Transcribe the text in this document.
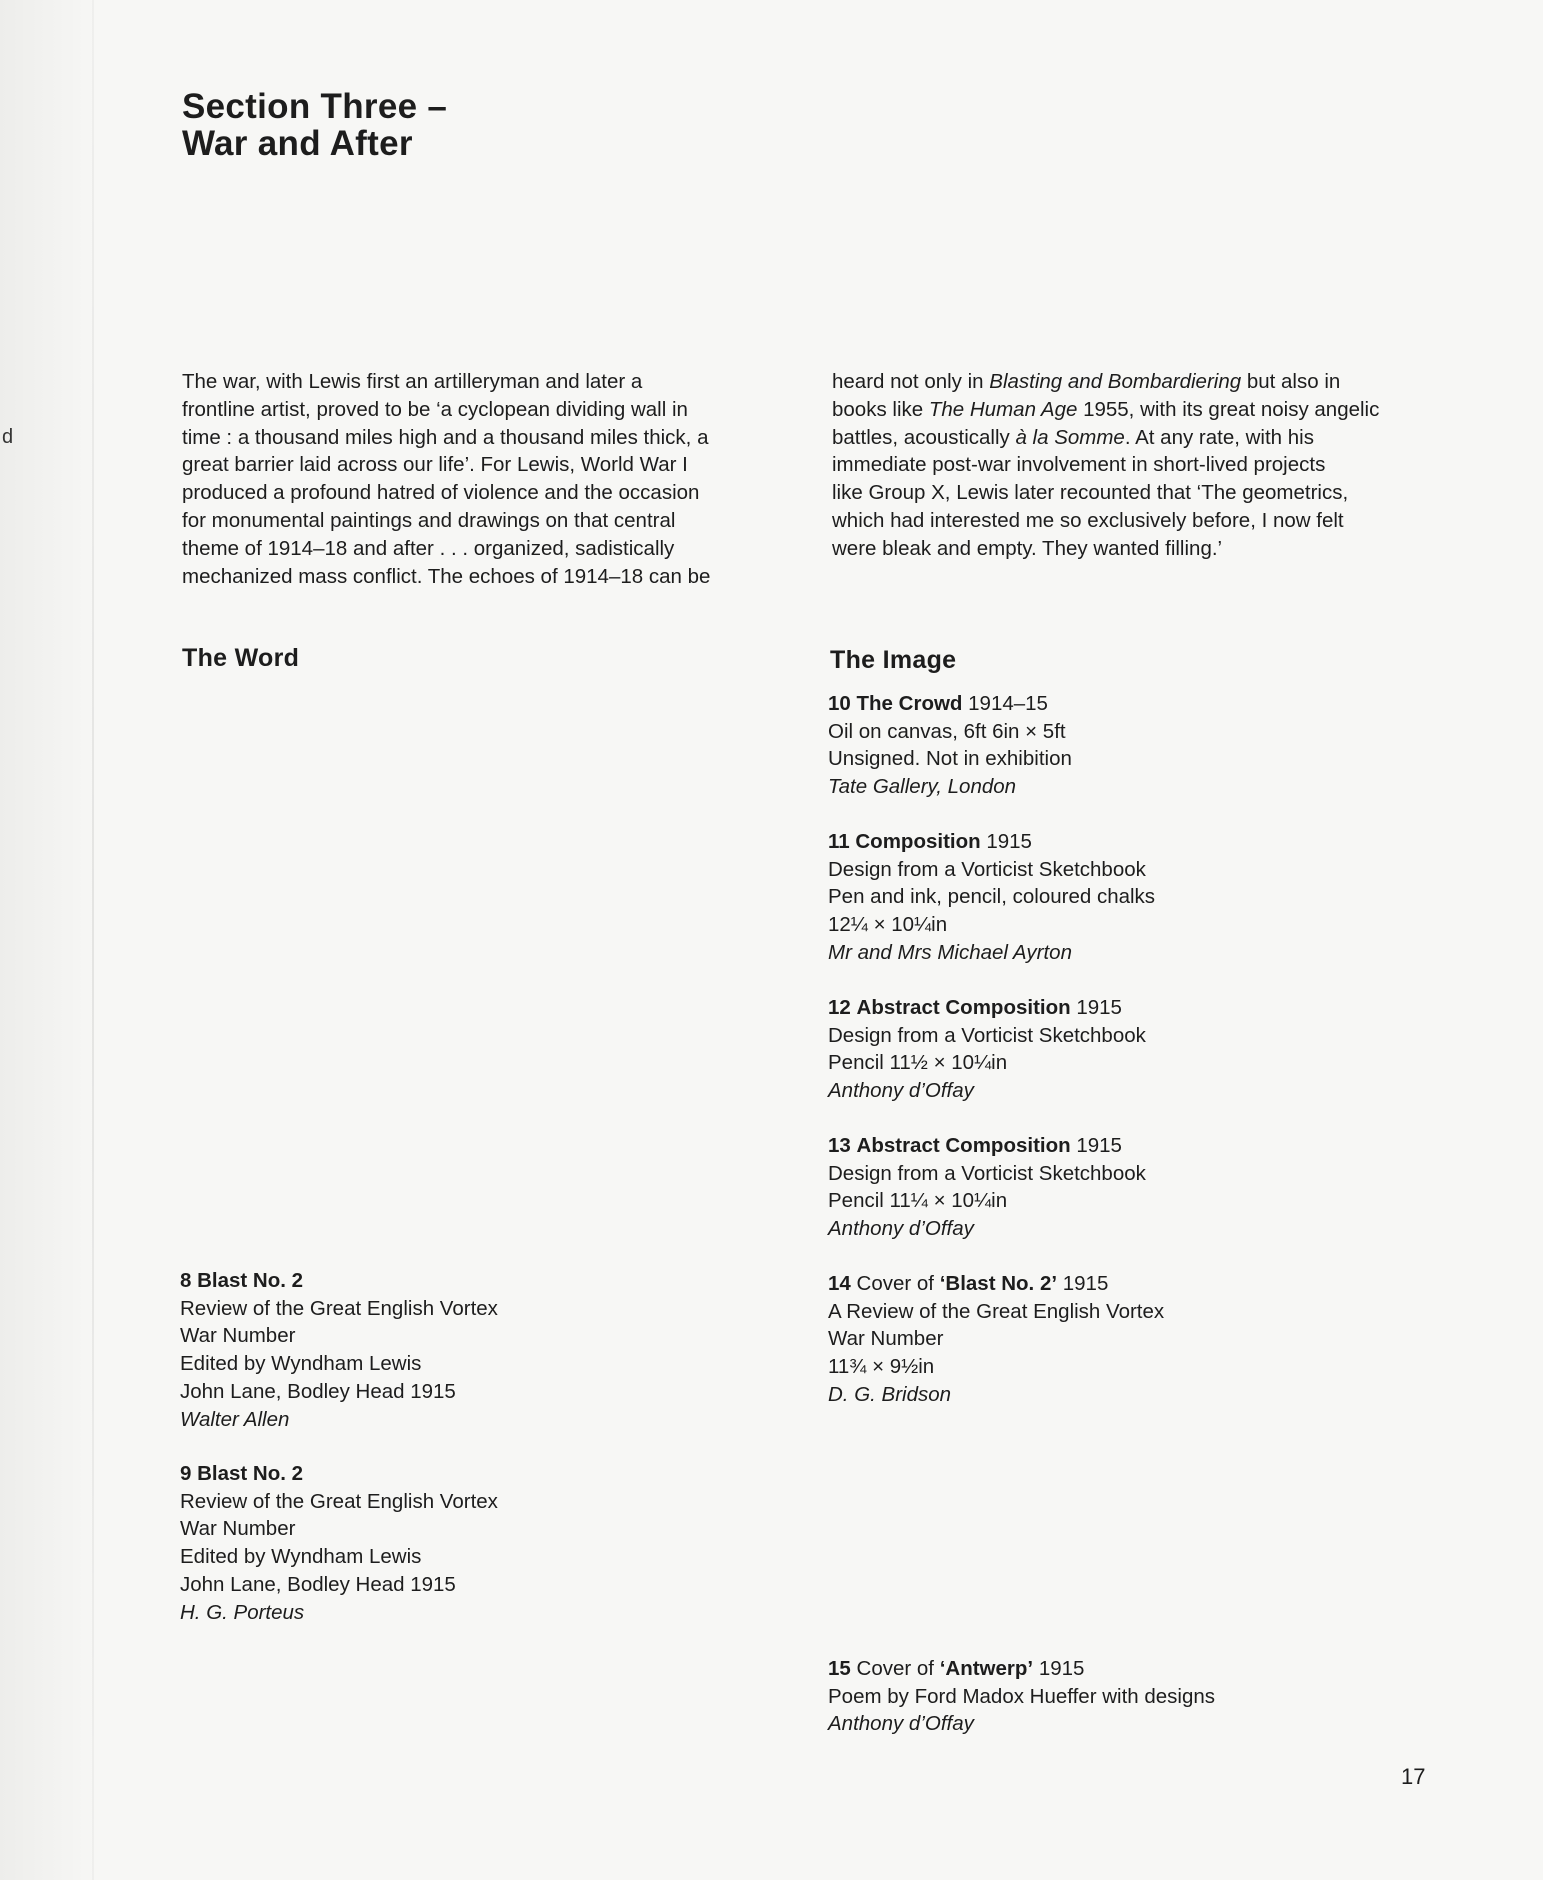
d
Section Three –
War and After
The war, with Lewis first an artilleryman and later a
frontline artist, proved to be ‘a cyclopean dividing wall in
time : a thousand miles high and a thousand miles thick, a
great barrier laid across our life’. For Lewis, World War I
produced a profound hatred of violence and the occasion
for monumental paintings and drawings on that central
theme of 1914–18 and after . . . organized, sadistically
mechanized mass conflict. The echoes of 1914–18 can be
heard not only in Blasting and Bombardiering but also in
books like The Human Age 1955, with its great noisy angelic
battles, acoustically à la Somme. At any rate, with his
immediate post-war involvement in short-lived projects
like Group X, Lewis later recounted that ‘The geometrics,
which had interested me so exclusively before, I now felt
were bleak and empty. They wanted filling.’
The Word	The Image
8 Blast No. 2
Review of the Great English Vortex
War Number
Edited by Wyndham Lewis
John Lane, Bodley Head 1915
Walter Allen
9 Blast No. 2
Review of the Great English Vortex
War Number
Edited by Wyndham Lewis
John Lane, Bodley Head 1915
H. G. Porteus
10 The Crowd 1914–15
Oil on canvas, 6ft 6in × 5ft
Unsigned. Not in exhibition
Tate Gallery, London
11 Composition 1915
Design from a Vorticist Sketchbook
Pen and ink, pencil, coloured chalks
12¼ × 10¼in
Mr and Mrs Michael Ayrton
12 Abstract Composition 1915
Design from a Vorticist Sketchbook
Pencil 11½ × 10¼in
Anthony d’Offay
13 Abstract Composition 1915
Design from a Vorticist Sketchbook
Pencil 11¼ × 10¼in
Anthony d’Offay
14 Cover of ‘Blast No. 2’ 1915
A Review of the Great English Vortex
War Number
11¾ × 9½in
D. G. Bridson
15 Cover of ‘Antwerp’ 1915
Poem by Ford Madox Hueffer with designs
Anthony d’Offay
17
